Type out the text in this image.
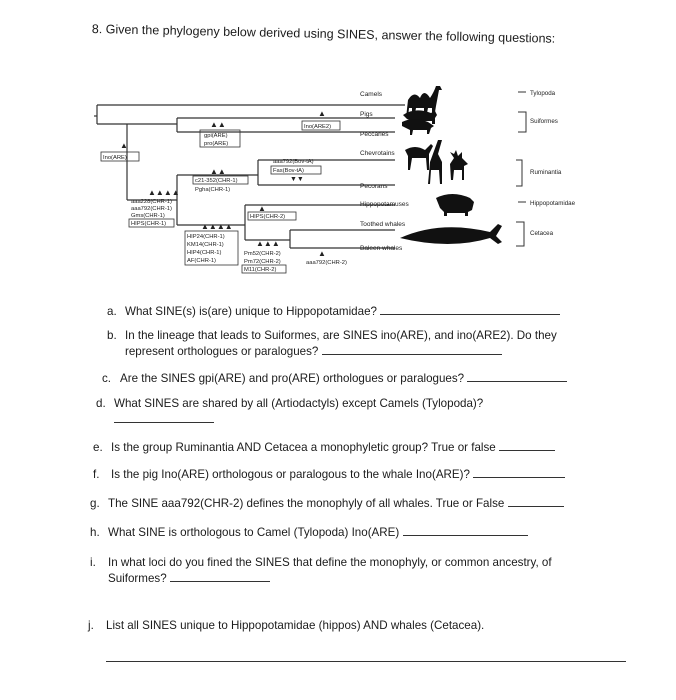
8. Given the phylogeny below derived using SINES, answer the following questions:
Camels
Pigs
Peccaries
Chevrotains
Pecorans
Hippopotamuses
Toothed whales
Baleen whales
▲
Ino(ARE)
▲
Ino(ARE2)
▲▲
gpi(ARE)
pro(ARE)
aaa792(Bov-tA)
Fas(Bov-tA)
▼▼
▲▲
c21-352(CHR-1)
Pgha(CHR-1)
▲▲▲▲
aaa228(CHR-1)
aaa792(CHR-1)
Gms(CHR-1)
HIPS(CHR-1)
▲
HIPS(CHR-2)
▲▲▲▲
HIP24(CHR-1)
KM14(CHR-1)
HIP4(CHR-1)
AF(CHR-1)
▲▲▲
Pm52(CHR-2)
Pm72(CHR-2)
M11(CHR-2)
▲
aaa792(CHR-2)
Tylopoda
Suiformes
Ruminantia
Hippopotamidae
Cetacea
a. What SINE(s) is(are) unique to Hippopotamidae?
b. In the lineage that leads to Suiformes, are SINES ino(ARE), and ino(ARE2). Do they
represent orthologues or paralogues?
c. Are the SINES gpi(ARE) and pro(ARE) orthologues or paralogues?
d. What SINES are shared by all (Artiodactyls) except Camels (Tylopoda)?

e. Is the group Ruminantia AND Cetacea a monophyletic group? True or false
f. Is the pig Ino(ARE) orthologous or paralogous to the whale Ino(ARE)?
g. The SINE aaa792(CHR-2) defines the monophyly of all whales. True or False
h. What SINE is orthologous to Camel (Tylopoda) Ino(ARE)
i. In what loci do you fined the SINES that define the monophyly, or common ancestry, of
Suiformes?
j. List all SINES unique to Hippopotamidae (hippos) AND whales (Cetacea).
